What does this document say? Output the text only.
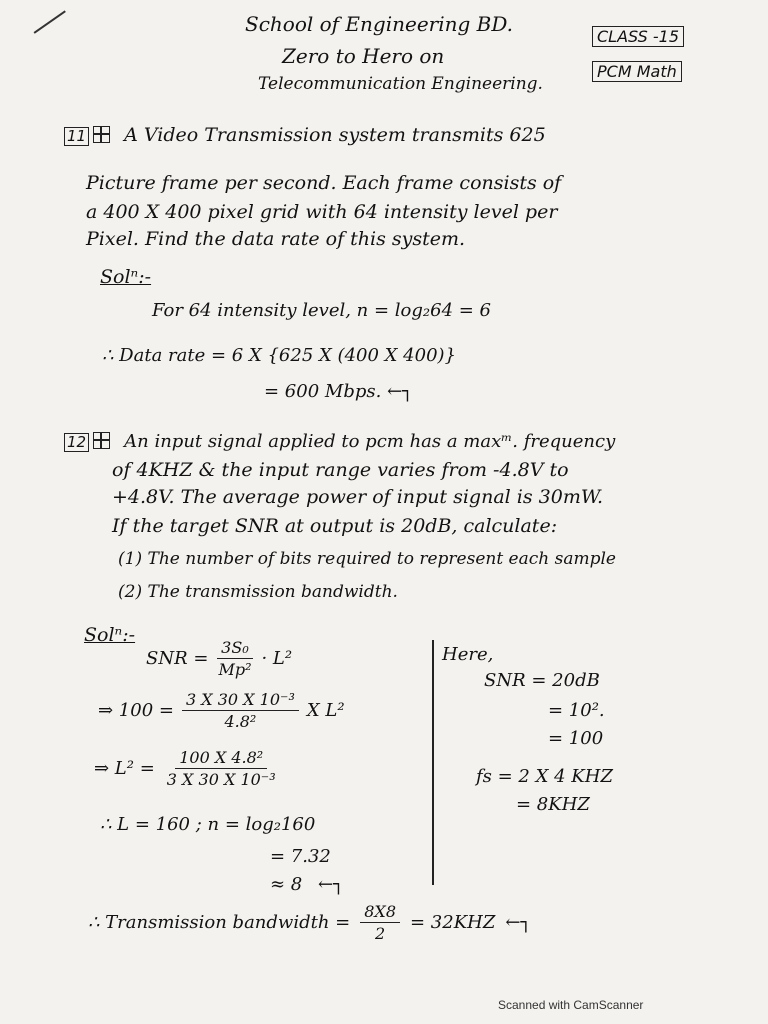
School of Engineering BD.
Zero to Hero on
Telecommunication Engineering.
CLASS -15
PCM Math
11 A Video Transmission system transmits 625
Picture frame per second. Each frame consists of
a 400 X 400 pixel grid with 64 intensity level per
Pixel. Find the data rate of this system.
Solⁿ:-
For 64 intensity level, n = log₂64 = 6
∴ Data rate = 6 X {625 X (400 X 400)}
= 600 Mbps. ←┐
12 An input signal applied to pcm has a maxᵐ. frequency
of 4KHZ & the input range varies from -4.8V to
+4.8V. The average power of input signal is 30mW.
If the target SNR at output is 20dB, calculate:
(1) The number of bits required to represent each sample
(2) The transmission bandwidth.
Solⁿ:-
SNR = $\frac{\text{3S₀}}{\text{Mp²}} \cdot L^2$
⇒ $100 = \frac{\text{3 X 30 X 10⁻³}}{\text{4.8²}}$ X L²
⇒ $L^2 = \frac{\text{100 X 4.8²}}{\text{3 X 30 X 10⁻³}}$
∴ L = 160 ; n = log₂160
= 7.32
≈ 8 ←┐
Here,
SNR = 20dB
= 10².
= 100
fs = 2 X 4 KHZ
= 8KHZ
∴ Transmission bandwidth = $\frac{8X8}{2} = 32KHZ$ ←┐
Scanned with CamScanner
